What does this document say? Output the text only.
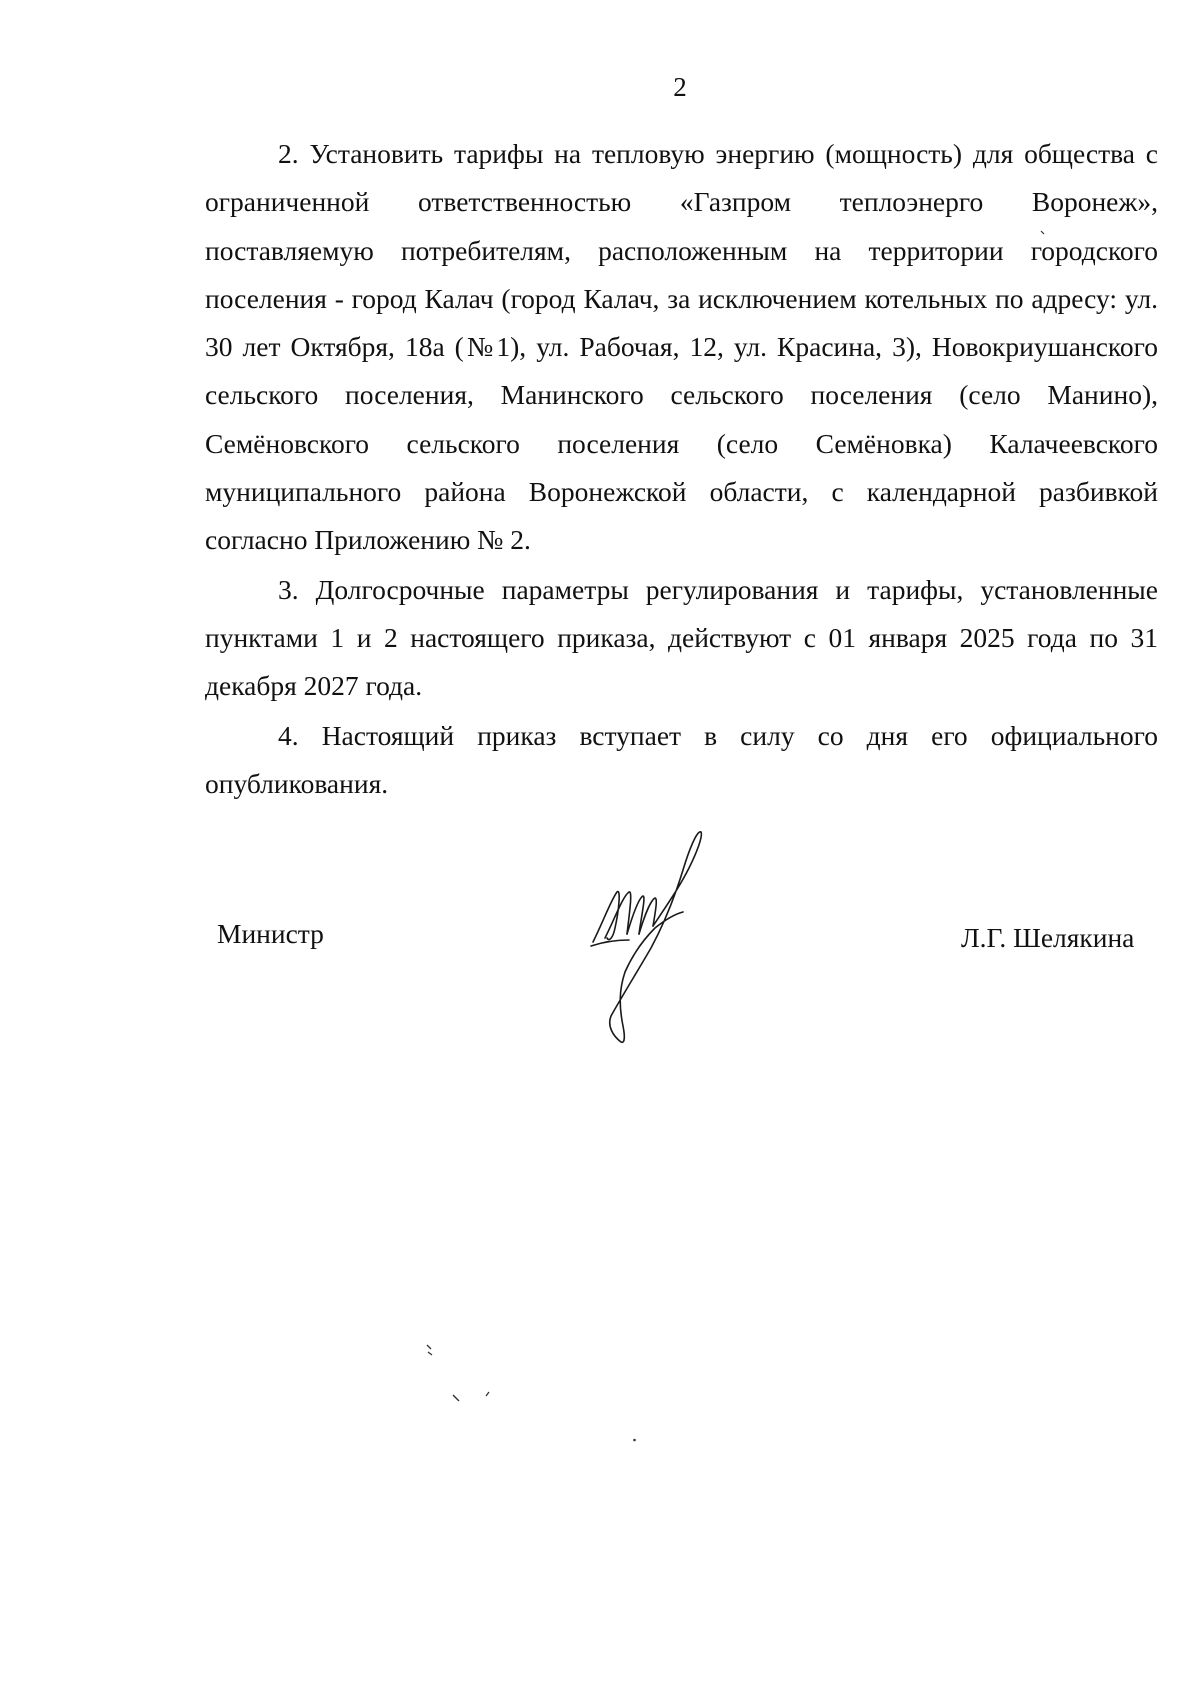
2

2. Установить тарифы на тепловую энергию (мощность) для общества с ограниченной ответственностью «Газпром теплоэнерго Воронеж», поставляемую потребителям, расположенным на территории городского поселения - город Калач (город Калач, за исключением котельных по адресу: ул. 30 лет Октября, 18а (№1), ул. Рабочая, 12, ул. Красина, 3), Новокриушанского сельского поселения, Манинского сельского поселения (село Манино), Семёновского сельского поселения (село Семёновка) Калачеевского муниципального района Воронежской области, с календарной разбивкой согласно Приложению № 2.

3. Долгосрочные параметры регулирования и тарифы, установленные пунктами 1 и 2 настоящего приказа, действуют с 01 января 2025 года по 31 декабря 2027 года.

4. Настоящий приказ вступает в силу со дня его официального опубликования.

Министр	Л.Г. Шелякина
